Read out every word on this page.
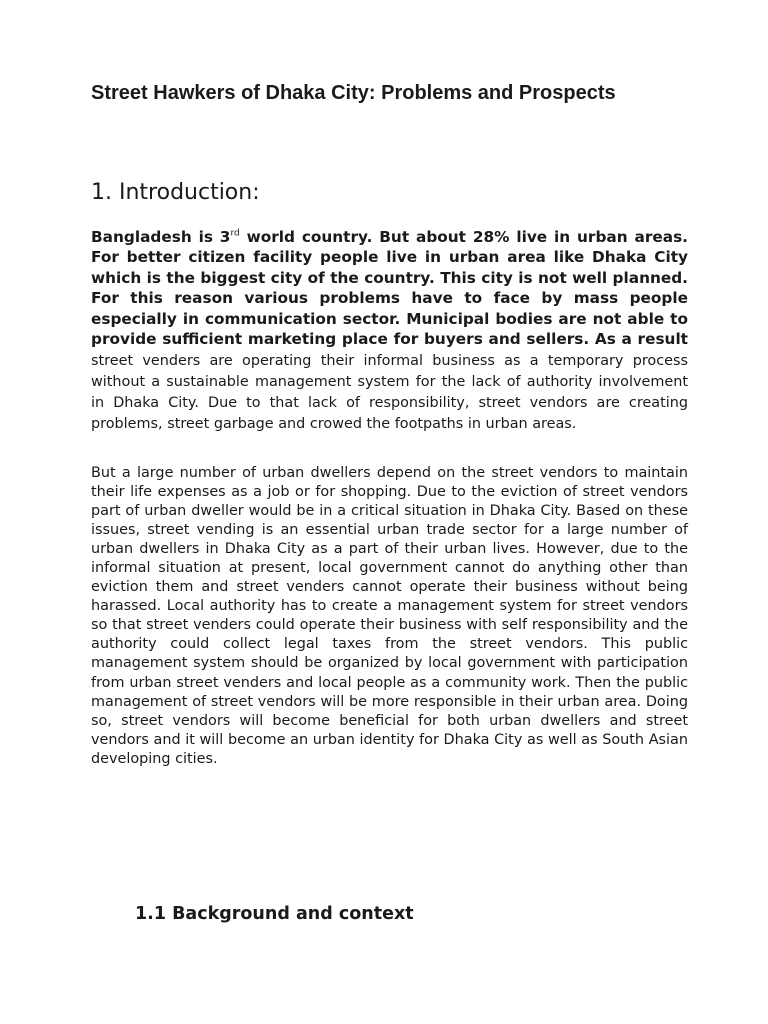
Street Hawkers of Dhaka City: Problems and Prospects
1. Introduction:

Bangladesh is 3rd world country. But about 28% live in urban areas. For better citizen facility people live in urban area like Dhaka City which is the biggest city of the country. This city is not well planned. For this reason various problems have to face by mass people especially in communication sector. Municipal bodies are not able to provide sufficient marketing place for buyers and sellers. As a result street venders are operating their informal business as a temporary process without a sustainable management system for the lack of authority involvement in Dhaka City. Due to that lack of responsibility, street vendors are creating problems, street garbage and crowed the footpaths in urban areas.

But a large number of urban dwellers depend on the street vendors to maintain their life expenses as a job or for shopping. Due to the eviction of street vendors part of urban dweller would be in a critical situation in Dhaka City. Based on these issues, street vending is an essential urban trade sector for a large number of urban dwellers in Dhaka City as a part of their urban lives. However, due to the informal situation at present, local government cannot do anything other than eviction them and street venders cannot operate their business without being harassed. Local authority has to create a management system for street vendors so that street venders could operate their business with self responsibility and the authority could collect legal taxes from the street vendors. This public management system should be organized by local government with participation from urban street venders and local people as a community work. Then the public management of street vendors will be more responsible in their urban area. Doing so, street vendors will become beneficial for both urban dwellers and street vendors and it will become an urban identity for Dhaka City as well as South Asian developing cities.

1.1 Background and context
